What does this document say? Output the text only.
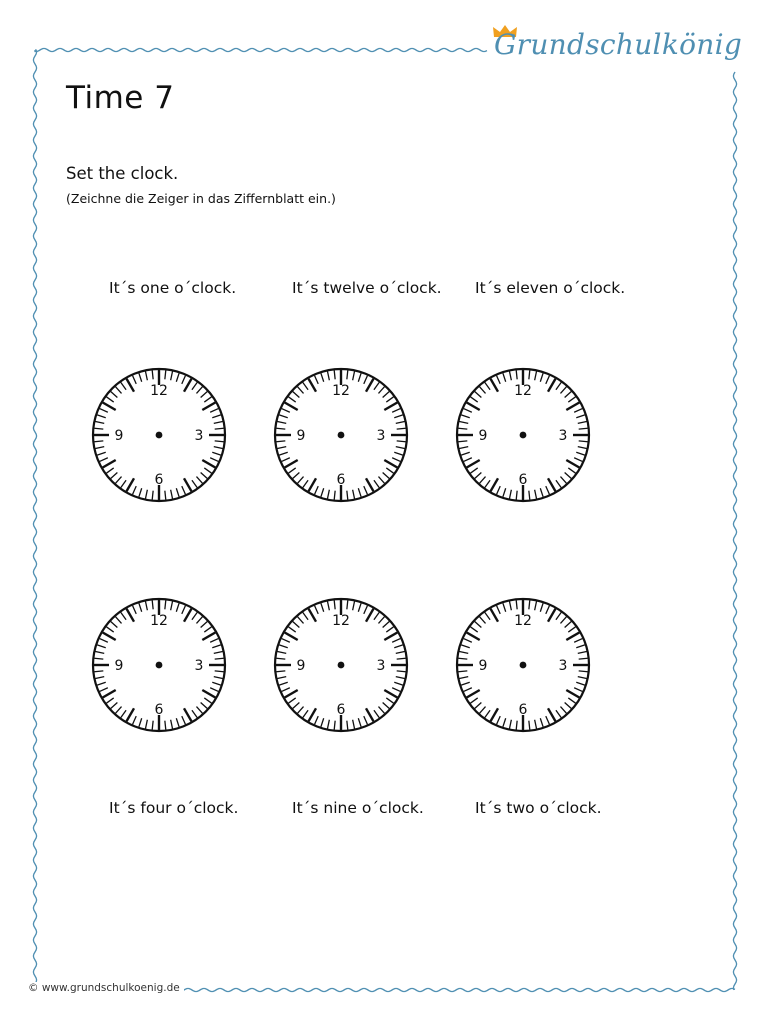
Grundschulkönig
Time 7
Set the clock.
(Zeichne die Zeiger in das Ziffernblatt ein.)
It´s one o´clock.	It´s twelve o´clock. It´s eleven o´clock.
12
3
6
9
12
3
6
9
12
3
6
9
12
3
6
9
12
3
6
9
12
3
6
9
It´s four o´clock.	It´s nine o´clock.	It´s two o´clock.
© www.grundschulkoenig.de
